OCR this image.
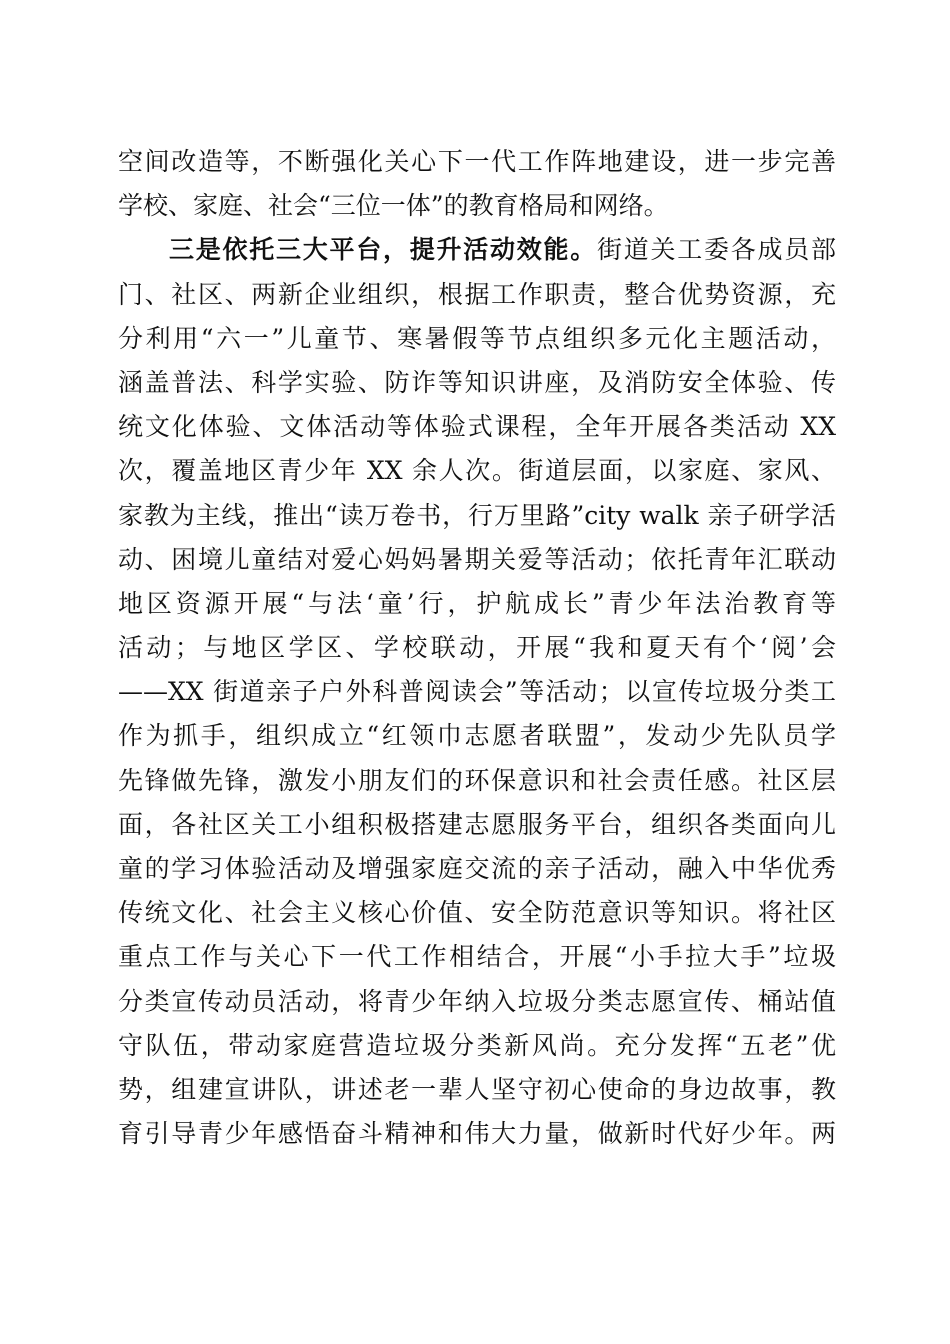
空间改造等，不断强化关心下一代工作阵地建设，进一步完善
学校、家庭、社会“三位一体”的教育格局和网络。
三是依托三大平台，提升活动效能。街道关工委各成员部
门、社区、两新企业组织，根据工作职责，整合优势资源，充
分利用“六一”儿童节、寒暑假等节点组织多元化主题活动，
涵盖普法、科学实验、防诈等知识讲座，及消防安全体验、传
统文化体验、文体活动等体验式课程，全年开展各类活动 XX
次，覆盖地区青少年 XX 余人次。街道层面，以家庭、家风、
家教为主线，推出“读万卷书，行万里路”city walk 亲子研学活
动、困境儿童结对爱心妈妈暑期关爱等活动；依托青年汇联动
地区资源开展“与法‘童’行，护航成长”青少年法治教育等
活动；与地区学区、学校联动，开展“我和夏天有个‘阅’会
——XX 街道亲子户外科普阅读会”等活动；以宣传垃圾分类工
作为抓手，组织成立“红领巾志愿者联盟”，发动少先队员学
先锋做先锋，激发小朋友们的环保意识和社会责任感。社区层
面，各社区关工小组积极搭建志愿服务平台，组织各类面向儿
童的学习体验活动及增强家庭交流的亲子活动，融入中华优秀
传统文化、社会主义核心价值、安全防范意识等知识。将社区
重点工作与关心下一代工作相结合，开展“小手拉大手”垃圾
分类宣传动员活动，将青少年纳入垃圾分类志愿宣传、桶站值
守队伍，带动家庭营造垃圾分类新风尚。充分发挥“五老”优
势，组建宣讲队，讲述老一辈人坚守初心使命的身边故事，教
育引导青少年感悟奋斗精神和伟大力量，做新时代好少年。两
